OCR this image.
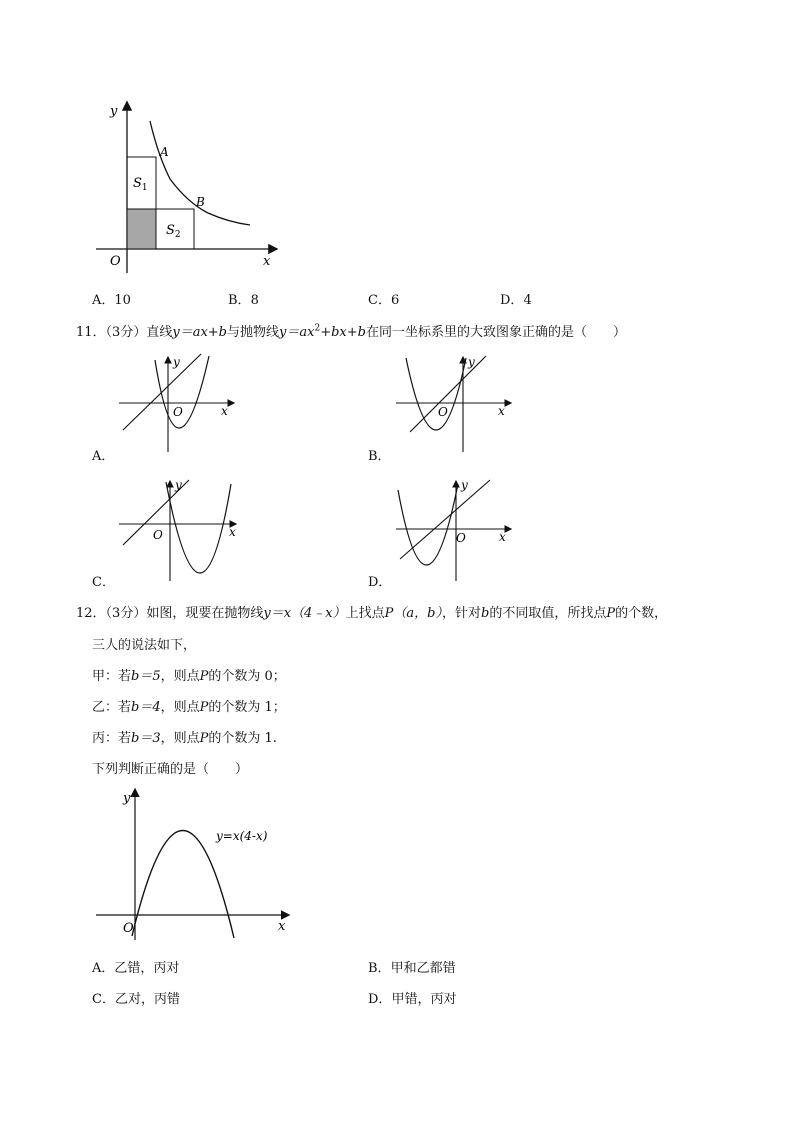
y
x
O
A
B
$S_1$
$S_2$
A．10	B．8	C．6	D．4
11．（3分）直线y＝ax+b与抛物线$y=ax^2+bx+b$在同一坐标系里的大致图象正确的是（　　）
y
x
O
A．
y
x
O
B．
y
x
O
C．
y
x
O
D．
12．（3分）如图，现要在抛物线y＝x（4﹣x）上找点P（a，b），针对b的不同取值，所找点P的个数，
三人的说法如下，
甲：若b＝5，则点P的个数为 0；
乙：若b＝4，则点P的个数为 1；
丙：若b＝3，则点P的个数为 1.
下列判断正确的是（　　）
y
x
O
y=x(4-x)
A．乙错，丙对	B．甲和乙都错
C．乙对，丙错	D．甲错，丙对
